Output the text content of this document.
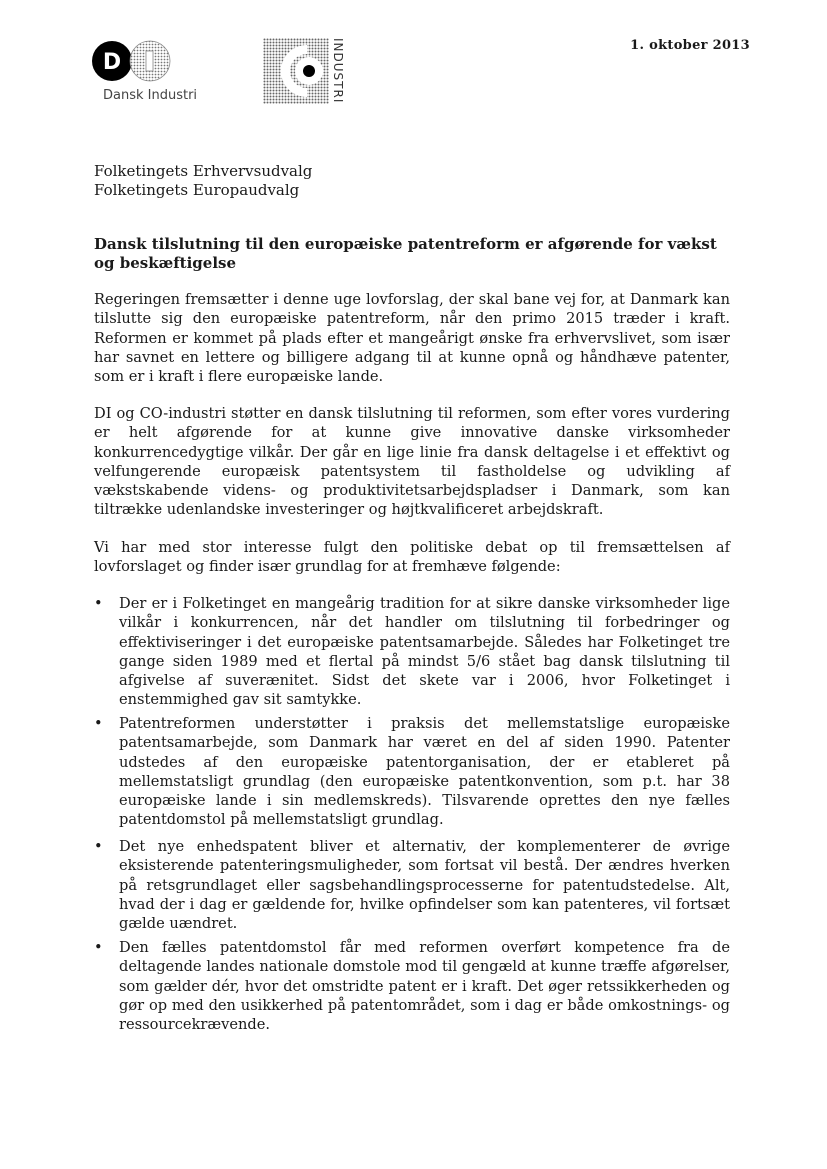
D
Dansk Industri	INDUSTRI	1. oktober 2013
Folketingets Erhvervsudvalg
Folketingets Europaudvalg
Dansk tilslutning til den europæiske patentreform er afgørende for vækst og beskæftigelse
Regeringen fremsætter i denne uge lovforslag, der skal bane vej for, at Danmark kan tilslutte sig den europæiske patentreform, når den primo 2015 træder i kraft. Reformen er kommet på plads efter et mangeårigt ønske fra erhvervslivet, som især har savnet en lettere og billigere adgang til at kunne opnå og håndhæve patenter, som er i kraft i flere europæiske lande.
DI og CO-industri støtter en dansk tilslutning til reformen, som efter vores vurdering er helt afgørende for at kunne give innovative danske virksomheder konkurrencedygtige vilkår. Der går en lige linie fra dansk deltagelse i et effektivt og velfungerende europæisk patentsystem til fastholdelse og udvikling af vækstskabende videns- og produktivitetsarbejdspladser i Danmark, som kan tiltrække udenlandske investeringer og højtkvalificeret arbejdskraft.
Vi har med stor interesse fulgt den politiske debat op til fremsættelsen af lovforslaget og finder især grundlag for at fremhæve følgende:
•	Der er i Folketinget en mangeårig tradition for at sikre danske virksomheder lige vilkår i konkurrencen, når det handler om tilslutning til forbedringer og effektiviseringer i det europæiske patentsamarbejde. Således har Folketinget tre gange siden 1989 med et flertal på mindst 5/6 stået bag dansk tilslutning til afgivelse af suverænitet. Sidst det skete var i 2006, hvor Folketinget i enstemmighed gav sit samtykke.
•	Patentreformen understøtter i praksis det mellemstatslige europæiske patentsamarbejde, som Danmark har været en del af siden 1990. Patenter udstedes af den europæiske patentorganisation, der er etableret på mellemstatsligt grundlag (den europæiske patentkonvention, som p.t. har 38 europæiske lande i sin medlemskreds). Tilsvarende oprettes den nye fælles patentdomstol på mellemstatsligt grundlag.
•	Det nye enhedspatent bliver et alternativ, der komplementerer de øvrige eksisterende patenteringsmuligheder, som fortsat vil bestå. Der ændres hverken på retsgrundlaget eller sagsbehandlingsprocesserne for patentudstedelse. Alt, hvad der i dag er gældende for, hvilke opfindelser som kan patenteres, vil fortsæt gælde uændret.
•	Den fælles patentdomstol får med reformen overført kompetence fra de deltagende landes nationale domstole mod til gengæld at kunne træffe afgørelser, som gælder dér, hvor det omstridte patent er i kraft. Det øger retssikkerheden og gør op med den usikkerhed på patentområdet, som i dag er både omkostnings- og ressourcekrævende.
